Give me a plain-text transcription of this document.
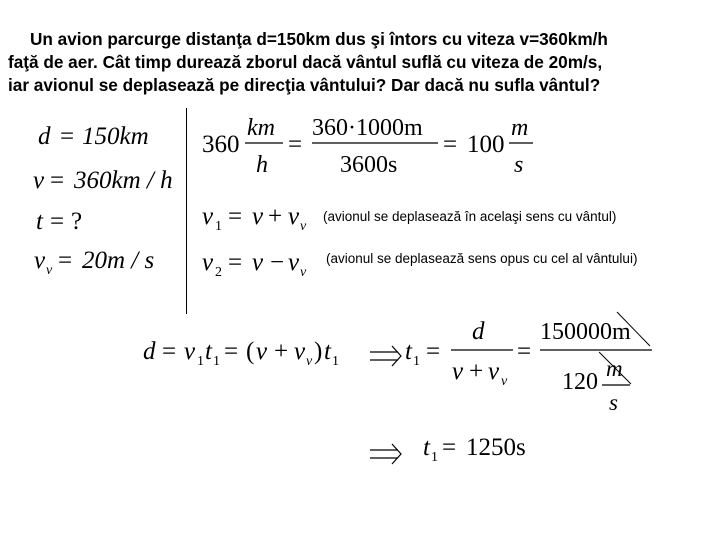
Un avion parcurge distanţa d=150km dus şi întors cu viteza v=360km/h
faţă de aer. Cât timp durează zborul dacă vântul suflă cu viteza de 20m/s,
iar avionul se deplasează pe direcţia vântului? Dar dacă nu sufla vântul?
d = 150km
v = 360km / h
t = ?
v v = 20m / s
360
km
h
=
360·1000m
3600s
= 100
m
s
v 1 = v + v v
v 2 = v − v v
d = v 1 t 1 = ( v + v v ) t 1	t 1 =
d
v + v v
=
150000m
120
m
s
t 1 = 1250s
(avionul se deplasează în acelaşi sens cu vântul)
(avionul se deplasează sens opus cu cel al vântului)
